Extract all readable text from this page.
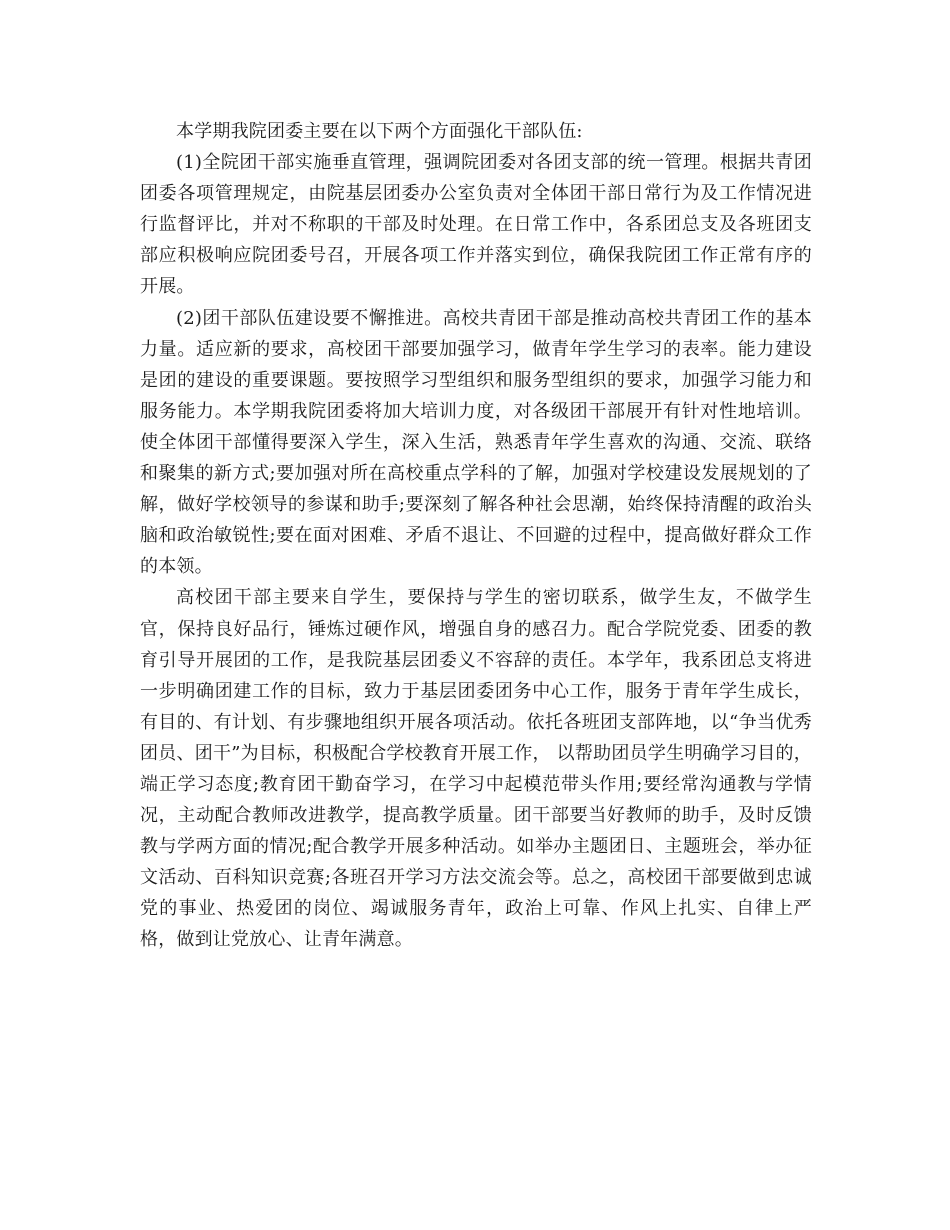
本学期我院团委主要在以下两个方面强化干部队伍:

(1)全院团干部实施垂直管理，强调院团委对各团支部的统一管理。根据共青团团委各项管理规定，由院基层团委办公室负责对全体团干部日常行为及工作情况进行监督评比，并对不称职的干部及时处理。在日常工作中，各系团总支及各班团支部应积极响应院团委号召，开展各项工作并落实到位，确保我院团工作正常有序的开展。

(2)团干部队伍建设要不懈推进。高校共青团干部是推动高校共青团工作的基本力量。适应新的要求，高校团干部要加强学习，做青年学生学习的表率。能力建设是团的建设的重要课题。要按照学习型组织和服务型组织的要求，加强学习能力和服务能力。本学期我院团委将加大培训力度，对各级团干部展开有针对性地培训。使全体团干部懂得要深入学生，深入生活，熟悉青年学生喜欢的沟通、交流、联络和聚集的新方式;要加强对所在高校重点学科的了解，加强对学校建设发展规划的了解，做好学校领导的参谋和助手;要深刻了解各种社会思潮，始终保持清醒的政治头脑和政治敏锐性;要在面对困难、矛盾不退让、不回避的过程中，提高做好群众工作的本领。

高校团干部主要来自学生，要保持与学生的密切联系，做学生友，不做学生官，保持良好品行，锤炼过硬作风，增强自身的感召力。配合学院党委、团委的教育引导开展团的工作，是我院基层团委义不容辞的责任。本学年，我系团总支将进一步明确团建工作的目标，致力于基层团委团务中心工作，服务于青年学生成长，有目的、有计划、有步骤地组织开展各项活动。依托各班团支部阵地，以“争当优秀团员、团干”为目标，积极配合学校教育开展工作， 以帮助团员学生明确学习目的，端正学习态度;教育团干勤奋学习，在学习中起模范带头作用;要经常沟通教与学情况，主动配合教师改进教学，提高教学质量。团干部要当好教师的助手，及时反馈教与学两方面的情况;配合教学开展多种活动。如举办主题团日、主题班会，举办征文活动、百科知识竞赛;各班召开学习方法交流会等。总之，高校团干部要做到忠诚党的事业、热爱团的岗位、竭诚服务青年，政治上可靠、作风上扎实、自律上严格，做到让党放心、让青年满意。
